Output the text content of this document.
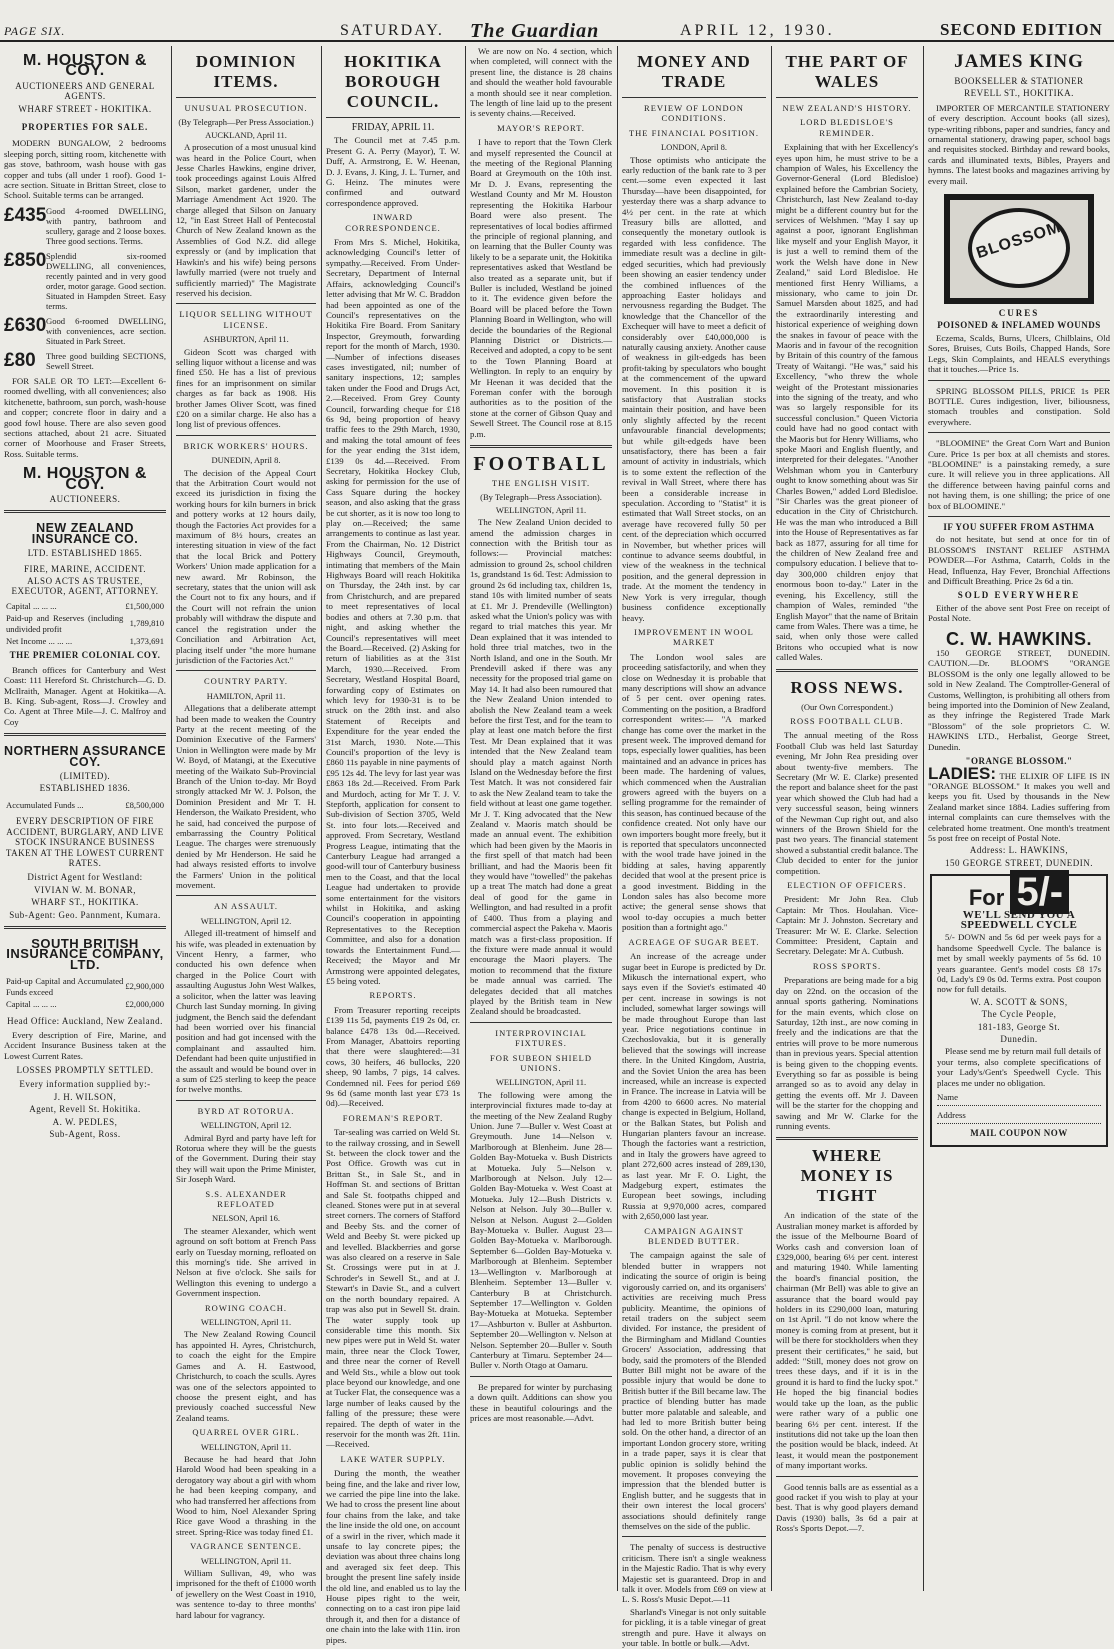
PAGE SIX.	SATURDAY. The Guardian	APRIL 12, 1930.	SECOND EDITION
M. HOUSTON & COY.
AUCTIONEERS AND GENERAL AGENTS.
WHARF STREET - HOKITIKA.
PROPERTIES FOR SALE.
MODERN BUNGALOW, 2 bedrooms sleeping porch, sitting room, kitchenette with gas stove, bathroom, wash house with gas copper and tubs (all under 1 roof). Good 1-acre section. Situate in Brittan Street, close to School. Suitable terms can be arranged.
£435 Good 4-roomed DWELLING, with pantry, bathroom and scullery, garage and 2 loose boxes. Three good sections. Terms.
£850 Splendid six-roomed DWELLING, all conveniences, recently painted and in very good order, motor garage. Good section. Situated in Hampden Street. Easy terms.
£630 Good 6-roomed DWELLING, with conveniences, acre section. Situated in Park Street.
£80	Three good building SECTIONS, Sewell Street.
FOR SALE OR TO LET:—Excellent 6-roomed dwelling, with all conveniences; also kitchenette, bathroom, sun porch, wash-house and copper; concrete floor in dairy and a good fowl house. There are also seven good sections attached, about 21 acre. Situated corner of Moorhouse and Fraser Streets, Ross. Suitable terms.
M. HOUSTON & COY.
AUCTIONEERS.
NEW ZEALAND INSURANCE CO.
LTD. ESTABLISHED 1865.
FIRE, MARINE, ACCIDENT.
ALSO ACTS AS TRUSTEE, EXECUTOR, AGENT, ATTORNEY.
Capital ... ... ...	£1,500,000
Paid-up and Reserves (including undivided profit	1,789,810
Net Income ... ... ...	1,373,691
THE PREMIER COLONIAL COY.
Branch offices for Canterbury and West Coast: 111 Hereford St. Christchurch—G. D. McIlraith, Manager. Agent at Hokitika—A. B. King. Sub-agent, Ross—J. Crowley and Co. Agent at Three Mile—J. C. Malfroy and Coy
NORTHERN ASSURANCE COY.
(LIMITED).
ESTABLISHED 1836.
Accumulated Funds ...	£8,500,000
EVERY DESCRIPTION OF FIRE ACCIDENT, BURGLARY, AND LIVE STOCK INSURANCE BUSINESS TAKEN AT THE LOWEST CURRENT RATES.
District Agent for Westland:
VIVIAN W. M. BONAR,
WHARF ST., HOKITIKA.
Sub-Agent: Geo. Pannment, Kumara.
SOUTH BRITISH INSURANCE COMPANY, LTD.
Paid-up Capital and Accumulated Funds exceed	£2,900,000
Capital ... ... ...	£2,000,000
Head Office: Auckland, New Zealand.
Every description of Fire, Marine, and Accident Insurance Business taken at the Lowest Current Rates.
LOSSES PROMPTLY SETTLED.
Every information supplied by:-
J. H. WILSON,
Agent, Revell St. Hokitika.
A. W. PEDLES,
Sub-Agent, Ross.
DOMINION ITEMS.
UNUSUAL PROSECUTION.
(By Telegraph—Per Press Association.)
AUCKLAND, April 11.
A prosecution of a most unusual kind was heard in the Police Court, when Jesse Charles Hawkins, engine driver, took proceedings against Louis Alfred Silson, market gardener, under the Marriage Amendment Act 1920. The charge alleged that Silson on January 12, "in East Street Hall of Pentecostal Church of New Zealand known as the Assemblies of God N.Z. did allege expressly or (and by implication that Hawkin's and his wife) being persons lawfully married (were not truely and sufficiently married)" The Magistrate reserved his decision.
LIQUOR SELLING WITHOUT LICENSE.
ASHBURTON, April 11.
Gideon Scott was charged with selling liquor without a license and was fined £50. He has a list of previous fines for an imprisonment on similar charges as far back as 1908. His brother James Oliver Scott, was fined £20 on a similar charge. He also has a long list of previous offences.
BRICK WORKERS' HOURS.
DUNEDIN, April 8.
The decision of the Appeal Court that the Arbitration Court would not exceed its jurisdiction in fixing the working hours for kiln burners in brick and pottery works at 12 hours daily, though the Factories Act provides for a maximum of 8½ hours, creates an interesting situation in view of the fact that the local Brick and Pottery Workers' Union made application for a new award. Mr Robinson, the secretary, states that the union will ask the Court not to fix any hours, and if the Court will not refrain the union probably will withdraw the dispute and cancel the registration under the Conciliation and Arbitration Act, placing itself under "the more humane jurisdiction of the Factories Act."
COUNTRY PARTY.
HAMILTON, April 11.
Allegations that a deliberate attempt had been made to weaken the Country Party at the recent meeting of the Dominion Executive of the Farmers' Union in Wellington were made by Mr W. Boyd, of Matangi, at the Executive meeting of the Waikato Sub-Provincial Branch of the Union to-day. Mr Boyd strongly attacked Mr W. J. Polson, the Dominion President and Mr T. H. Henderson, the Waikato President, who he said, had conceived the purpose of embarrassing the Country Political League. The charges were strenuously denied by Mr Henderson. He said he had always resisted efforts to involve the Farmers' Union in the political movement.
AN ASSAULT.
WELLINGTON, April 12.
Alleged ill-treatment of himself and his wife, was pleaded in extenuation by Vincent Henry, a farmer, who conducted his own defence when charged in the Police Court with assaulting Augustus John West Walkes, a solicitor, when the latter was leaving Church last Sunday morning. In giving judgment, the Bench said the defendant had been worried over his financial position and had got incensed with the complainant and assaulted him. Defendant had been quite unjustified in the assault and would be bound over in a sum of £25 sterling to keep the peace for twelve months.
BYRD AT ROTORUA.
WELLINGTON, April 12.
Admiral Byrd and party have left for Rotorua where they will be the guests of the Government. During their stay they will wait upon the Prime Minister, Sir Joseph Ward.
S.S. ALEXANDER REFLOATED
NELSON, April 16.
The steamer Alexander, which went aground on soft bottom at French Pass early on Tuesday morning, refloated on this morning's tide. She arrived in Nelson at five o'clock. She sails for Wellington this evening to undergo a Government inspection.
ROWING COACH.
WELLINGTON, April 11.
The New Zealand Rowing Council has appointed H. Ayres, Christchurch, to coach the eight for the Empire Games and A. H. Eastwood, Christchurch, to coach the sculls. Ayres was one of the selectors appointed to choose the present eight, and has previously coached successful New Zealand teams.
QUARREL OVER GIRL.
WELLINGTON, April 11.
Because he had heard that John Harold Wood had been speaking in a derogatory way about a girl with whom he had been keeping company, and who had transferred her affections from Wood to him, Noel Alexander Spring Rice gave Wood a thrashing in the street. Spring-Rice was today fined £1.
VAGRANCE SENTENCE.
WELLINGTON, April 11.
William Sullivan, 49, who was imprisoned for the theft of £1000 worth of jewellery on the West Coast in 1910, was sentence to-day to three months' hard labour for vagrancy.
HOKITIKA BOROUGH COUNCIL.
FRIDAY, APRIL 11.
The Council met at 7.45 p.m. Present G. A. Perry (Mayor), T. W. Duff, A. Armstrong, E. W. Heenan, D. J. Evans, J. King, J. L. Turner, and G. Heinz. The minutes were confirmed and outward correspondence approved.
INWARD CORRESPONDENCE.
From Mrs S. Michel, Hokitika, acknowledging Council's letter of sympathy.—Received. From Under-Secretary, Department of Internal Affairs, acknowledging Council's letter advising that Mr W. C. Braddon had been appointed as one of the Council's representatives on the Hokitika Fire Board. From Sanitary Inspector, Greymouth, forwarding report for the month of March, 1930.—Number of infections diseases cases investigated, nil; number of sanitary inspections, 12; samples taken under the Food and Drugs Act, 2.—Received. From Grey County Council, forwarding cheque for £18 6s 9d, being proportion of heavy traffic fees to the 29th March, 1930, and making the total amount of fees for the year ending the 31st idem, £139 0s 4d.—Received. From Secretary, Hokitika Hockey Club, asking for permission for the use of Cass Square during the hockey season, and also asking that the grass be cut shorter, as it is now too long to play on.—Received; the same arrangements to continue as last year. From the Chairman, No. 12 District Highways Council, Greymouth, intimating that members of the Main Highways Board will reach Hokitika on Thursday, the 24th inst. by car from Christchurch, and are prepared to meet representatives of local bodies and others at 7.30 p.m. that night, and asking whether the Council's representatives will meet the Board.—Received. (2) Asking for return of liabilities as at the 31st March, 1930.—Received. From Secretary, Westland Hospital Board, forwarding copy of Estimates on which levy for 1930-31 is to be struck on the 28th inst. and also Statement of Receipts and Expenditure for the year ended the 31st March, 1930. Note.—This Council's proportion of the levy is £860 11s payable in nine payments of £95 12s 4d. The levy for last year was £863 18s 2d.—Received. From Park and Murdoch, acting for Mr T. J. V. Stepforth, application for consent to Sub-division of Section 3705, Weld St. into four lots.—Received and approved. From Secretary, Westland Progress League, intimating that the Canterbury League had arranged a good-will tour of Canterbury business men to the Coast, and that the local League had undertaken to provide some entertainment for the visitors whilst in Hokitika, and asking Council's cooperation in appointing Representatives to the Reception Committee, and also for a donation towards the Entertainment Fund.—Received; the Mayor and Mr Armstrong were appointed delegates, £5 being voted.
REPORTS.
From Treasurer reporting receipts £139 11s 5d, payments £19 2s 0d, cr. balance £478 13s 0d.—Received. From Manager, Abattoirs reporting that there were slaughtered:—31 cows, 30 heifers, 46 bullocks, 220 sheep, 90 lambs, 7 pigs, 14 calves. Condemned nil. Fees for period £69 9s 6d (same month last year £73 1s 0d).—Received.
FOREMAN'S REPORT.
Tar-sealing was carried on Weld St. to the railway crossing, and in Sewell St. between the clock tower and the Post Office. Growth was cut in Brittan St., in Sale St., and in Hoffman St. and sections of Brittan and Sale St. footpaths chipped and cleaned. Stones were put in at several street corners. The corners of Stafford and Beeby Sts. and the corner of Weld and Beeby St. were picked up and levelled. Blackberries and gorse was also cleared on a reserve in Sale St. Crossings were put in at J. Schroder's in Sewell St., and at J. Stewart's in Davie St., and a culvert on the north boundary repaired. A trap was also put in Sewell St. drain. The water supply took up considerable time this month. Six new pipes were put in Weld St. water main, three near the Clock Tower, and three near the corner of Revell and Weld Sts., while a blow out took place beyond our knowledge, and one at Tucker Flat, the consequence was a large number of leaks caused by the falling of the pressure; these were repaired. The depth of water in the reservoir for the month was 2ft. 11in.—Received.
LAKE WATER SUPPLY.
During the month, the weather being fine, and the lake and river low, we carried the pipe line into the lake. We had to cross the present line about four chains from the lake, and take the line inside the old one, on account of a swirl in the river, which made it unsafe to lay concrete pipes; the deviation was about three chains long and averaged six feet deep. This brought the present line safely inside the old line, and enabled us to lay the House pipes right to the weir, connecting on to a cast iron pipe laid through it, and then for a distance of one chain into the lake with 11in. iron pipes.
We are now on No. 4 section, which when completed, will connect with the present line, the distance is 28 chains and should the weather hold favourable a month should see it near completion. The length of line laid up to the present is seventy chains.—Received.
MAYOR'S REPORT.
I have to report that the Town Clerk and myself represented the Council at the meeting of the Regional Planning Board at Greymouth on the 10th inst. Mr D. J. Evans, representing the Westland County and Mr M. Houston representing the Hokitika Harbour Board were also present. The representatives of local bodies affirmed the principle of regional planning, and on learning that the Buller County was likely to be a separate unit, the Hokitika representatives asked that Westland be also treated as a separate unit, but if Buller is included, Westland be joined to it. The evidence given before the Board will be placed before the Town Planning Board in Wellington, who will decide the boundaries of the Regional Planning District or Districts.—Received and adopted, a copy to be sent to the Town Planning Board at Wellington. In reply to an enquiry by Mr Heenan it was decided that the Foreman confer with the borough authorities as to the position of the stone at the corner of Gibson Quay and Sewell Street. The Council rose at 8.15 p.m.
FOOTBALL
THE ENGLISH VISIT.
(By Telegraph—Press Association).
WELLINGTON, April 11.
The New Zealand Union decided to amend the admission charges in connection with the British tour as follows:— Provincial matches: admission to ground 2s, school children 1s, grandstand 1s 6d. Test: Admission to ground 2s 6d including tax, children 1s, stand 10s with limited number of seats at £1. Mr J. Prendeville (Wellington) asked what the Union's policy was with regard to trial matches this year. Mr Dean explained that it was intended to hold three trial matches, two in the North Island, and one in the South. Mr Prendevill asked if there was any necessity for the proposed trial game on May 14. It had also been rumoured that the New Zealand Union intended to abolish the New Zealand team a week before the first Test, and for the team to play at least one match before the first Test. Mr Dean explained that it was intended that the New Zealand team should play a match against North Island on the Wednesday before the first Test Match. It was not considered fair to ask the New Zealand team to take the field without at least one game together. Mr J. T. King advocated that the New Zealand v. Maoris match should be made an annual event. The exhibition which had been given by the Maoris in the first spell of that match had been brilliant, and had the Maoris been fit they would have "towelled" the pakehas up a treat The match had done a great deal of good for the game in Wellington, and had resulted in a profit of £400. Thus from a playing and commercial aspect the Pakeha v. Maoris match was a first-class proposition. If the fixture were made annual it would encourage the Maori players. The motion to recommend that the fixture be made annual was carried. The delegates decided that all matches played by the British team in New Zealand should be broadcasted.
INTERPROVINCIAL FIXTURES.
FOR SUBEON SHIELD UNIONS.
WELLINGTON, April 11.
The following were among the interprovincial fixtures made to-day at the meeting of the New Zealand Rugby Union. June 7—Buller v. West Coast at Greymouth. June 14—Nelson v. Marlborough at Blenheim. June 28—Golden Bay-Motueka v. Bush Districts at Motueka. July 5—Nelson v. Marlborough at Nelson. July 12—Golden Bay-Motueka v. West Coast at Motueka. July 12—Bush Districts v. Nelson at Nelson. July 30—Buller v. Nelson at Nelson. August 2—Golden Bay-Motueka v. Buller. August 23—Golden Bay-Motueka v. Marlborough. September 6—Golden Bay-Motueka v. Marlborough at Blenheim. September 13—Wellington v. Marlborough at Blenheim. September 13—Buller v. Canterbury B at Christchurch. September 17—Wellington v. Golden Bay-Motueka at Motueka. September 17—Ashburton v. Buller at Ashburton. September 20—Wellington v. Nelson at Nelson. September 20—Buller v. South Canterbury at Timaru. September 24—Buller v. North Otago at Oamaru.
Be prepared for winter by purchasing a down quilt. Additions can show you these in beautiful colourings and the prices are most reasonable.—Advt.
MONEY AND TRADE
REVIEW OF LONDON CONDITIONS.
THE FINANCIAL POSITION.
LONDON, April 8.
Those optimists who anticipate the early reduction of the bank rate to 3 per cent.—some even expected it last Thursday—have been disappointed, for yesterday there was a sharp advance to 4½ per cent. in the rate at which Treasury bills are allotted, and consequently the monetary outlook is regarded with less confidence. The immediate result was a decline in gilt-edged securities, which had previously been showing an easier tendency under the combined influences of the approaching Easter holidays and nervousness regarding the Budget. The knowledge that the Chancellor of the Exchequer will have to meet a deficit of considerably over £40,000,000 is naturally causing anxiety. Another cause of weakness in gilt-edgeds has been profit-taking by speculators who bought at the commencement of the upward movement. In this position it is satisfactory that Australian stocks maintain their position, and have been only slightly affected by the recent unfavourable financial developments; but while gilt-edgeds have been unsatisfactory, there has been a fair amount of activity in industrials, which is to some extent the reflection of the revival in Wall Street, where there has been a considerable increase in speculation. According to "Statist" it is estimated that Wall Street stocks, on an average have recovered fully 50 per cent. of the depreciation which occurred in November, but whether prices will continue to advance seems doubtful, in view of the weakness in the technical position, and the general depression in trade. At the moment the tendency in New York is very irregular, though business confidence exceptionally heavy.
IMPROVEMENT IN WOOL MARKET
The London wool sales are proceeding satisfactorily, and when they close on Wednesday it is probable that many descriptions will show an advance of 5 per cent. over opening rates. Commenting on the position, a Bradford correspondent writes:— "A marked change has come over the market in the present week. The improved demand for tops, especially lower qualities, has been maintained and an advance in prices has been made. The hardening of values, which commenced when the Australian growers agreed with the buyers on a selling programme for the remainder of this season, has continued because of the confidence created. Not only have our own importers bought more freely, but it is reported that speculators unconnected with the wool trade have joined in the bidding at sales, having apparently decided that wool at the present price is a good investment. Bidding in the London sales has also become more active; the general sense shows that wool to-day occupies a much better position than a fortnight ago."
ACREAGE OF SUGAR BEET.
An increase of the acreage under sugar beet in Europe is predicted by Dr. Mikusch the international expert, who says even if the Soviet's estimated 40 per cent. increase in sowings is not included, somewhat larger sowings will be made throughout Europe than last year. Price negotiations continue in Czechoslovakia, but it is generally believed that the sowings will increase there. In the United Kingdom, Austria, and the Soviet Union the area has been increased, while an increase is expected in France. The increase in Latvia will be from 4200 to 6600 acres. No material change is expected in Belgium, Holland, or the Balkan States, but Polish and Hungarian planters favour an increase. Though the factories want a restriction, and in Italy the growers have agreed to plant 272,600 acres instead of 289,130, as last year. Mr F. O. Light, the Madgeburg expert, estimates the European beet sowings, including Russia at 9,970,000 acres, compared with 2,650,000 last year.
CAMPAIGN AGAINST BLENDED BUTTER.
The campaign against the sale of blended butter in wrappers not indicating the source of origin is being vigorously carried on, and its organisers' activities are receiving much Press publicity. Meantime, the opinions of retail traders on the subject seem divided. For instance, the president of the Birmingham and Midland Counties Grocers' Association, addressing that body, said the promoters of the Blended Butter Bill might not be aware of the possible injury that would be done to British butter if the Bill became law. The practice of blending butter has made butter more palatable and saleable, and had led to more British butter being sold. On the other hand, a director of an important London grocery store, writing in a trade paper, says it is clear that public opinion is solidly behind the movement. It proposes conveying the impression that the blended butter is English butter, and he suggests that in their own interest the local grocers' associations should definitely range themselves on the side of the public.
The penalty of success is destructive criticism. There isn't a single weakness in the Majestic Radio. That is why every Majestic set is guaranteed. Drop in and talk it over. Models from £69 on view at L. S. Ross's Music Depot.—11
Sharland's Vinegar is not only suitable for pickling, it is a table vinegar of great strength and pure. Have it always on your table. In bottle or bulk.—Advt.
THE PART OF WALES
NEW ZEALAND'S HISTORY.
LORD BLEDISLOE'S REMINDER.
Explaining that with her Excellency's eyes upon him, he must strive to be a champion of Wales, his Excellency the Governor-General (Lord Bledisloe) explained before the Cambrian Society, Christchurch, last New Zealand to-day might be a different country but for the services of Welshmen. "May I say up against a poor, ignorant Englishman like myself and your English Mayor, it is just a well to remind them of the work the Welsh have done in New Zealand," said Lord Bledisloe. He mentioned first Henry Williams, a missionary, who came to join Dr. Samuel Marsden about 1825, and had the extraordinarily interesting and historical experience of weighing down the snakes in favour of peace with the Maoris and in favour of the recognition by Britain of this country of the famous Treaty of Waitangi. "He was," said his Excellency, "who threw the whole weight of the Protestant missionaries into the signing of the treaty, and who was so largely responsible for its successful conclusion." Queen Victoria could have had no good contact with the Maoris but for Henry Williams, who spoke Maori and English fluently, and interpreted for their delegates. "Another Welshman whom you in Canterbury ought to know something about was Sir Charles Bowen," added Lord Bledisloe. "Sir Charles was the great pioneer of education in the City of Christchurch. He was the man who introduced a Bill into the House of Representatives as far back as 1877, assuring for all time for the children of New Zealand free and compulsory education. I believe that to-day 300,000 children enjoy that enormous boon to-day." Later in the evening, his Excellency, still the champion of Wales, reminded "the English Mayor" that the name of Britain came from Wales. There was a time, he said, when only those were called Britons who occupied what is now called Wales.
ROSS NEWS.
(Our Own Correspondent.)
ROSS FOOTBALL CLUB.
The annual meeting of the Ross Football Club was held last Saturday evening, Mr John Rea presiding over about twenty-five members. The Secretary (Mr W. E. Clarke) presented the report and balance sheet for the past year which showed the Club had had a very successful season, being winners of the Newman Cup right out, and also winners of the Brown Shield for the past two years. The financial statement showed a substantial credit balance. The Club decided to enter for the junior competition.
ELECTION OF OFFICERS.
President: Mr John Rea. Club Captain: Mr Thos. Houlahan. Vice-Captain: Mr J. Johnston. Secretary and Treasurer: Mr W. E. Clarke. Selection Committee: President, Captain and Secretary. Delegate: Mr A. Cutbush.
ROSS SPORTS.
Preparations are being made for a big day on 22nd. on the occasion of the annual sports gathering. Nominations for the main events, which close on Saturday, 12th inst., are now coming in freely and the indications are that the entries will prove to be more numerous than in previous years. Special attention is being given to the chopping events. Everything so far as possible is being arranged so as to avoid any delay in getting the events off. Mr J. Daveen will be the starter for the chopping and sawing and Mr W. Clarke for the running events.
WHERE MONEY IS TIGHT
An indication of the state of the Australian money market is afforded by the issue of the Melbourne Board of Works cash and conversion loan of £329,000, bearing 6½ per cent. interest and maturing 1940. While lamenting the board's financial position, the chairman (Mr Bell) was able to give an assurance that the board would pay holders in its £290,000 loan, maturing on 1st April. "I do not know where the money is coming from at present, but it will be there for stockholders when they present their certificates," he said, but added: "Still, money does not grow on trees these days, and if it is in the ground it is hard to find the lucky spot." He hoped the big financial bodies would take up the loan, as the public were rather wary of a public one bearing 6½ per cent. interest. If the institutions did not take up the loan then the position would be black, indeed. At least, it would mean the postponement of many important works.
Good tennis balls are as essential as a good racket if you wish to play at your best. That is why good players demand Davis (1930) balls, 3s 6d a pair at Ross's Sports Depot.—7.
JAMES KING
BOOKSELLER & STATIONER
REVELL ST., HOKITIKA.
IMPORTER OF MERCANTILE STATIONERY of every description. Account books (all sizes), type-writing ribbons, paper and sundries, fancy and ornamental stationery, drawing paper, school bags and requisites stocked. Birthday and reward books, cards and illuminated texts, Bibles, Prayers and hymns. The latest books and magazines arriving by every mail.
BLOSSOM
CURES
POISONED & INFLAMED WOUNDS
Eczema, Scalds, Burns, Ulcers, Chilblains, Old Sores, Bruises, Cuts Boils, Chapped Hands, Sore Legs, Skin Complaints, and HEALS everythings that it touches.—Price 1s.
SPRING BLOSSOM PILLS, PRICE 1s PER BOTTLE. Cures indigestion, liver, biliousness, stomach troubles and constipation. Sold everywhere.
"BLOOMINE" the Great Corn Wart and Bunion Cure. Price 1s per box at all chemists and stores. "BLOOMINE" is a painstaking remedy, a sure cure. It will relieve you in three applications. All the difference between having painful corns and not having them, is one shilling; the price of one box of BLOOMINE."
IF YOU SUFFER FROM ASTHMA
do not hesitate, but send at once for tin of BLOSSOM'S INSTANT RELIEF ASTHMA POWDER—For Asthma, Catarrh, Colds in the Head, Influenza, Hay Fever, Bronchial Affections and Difficult Breathing. Price 2s 6d a tin.
SOLD EVERYWHERE
Either of the above sent Post Free on receipt of Postal Note.
C. W. HAWKINS.
150 GEORGE STREET, DUNEDIN. CAUTION.—Dr. BLOOM'S "ORANGE BLOSSOM is the only one legally allowed to be sold in New Zealand. The Comptroller-General of Customs, Wellington, is prohibiting all others from being imported into the Dominion of New Zealand, as they infringe the Registered Trade Mark "Blossom" of the sole proprietors C. W. HAWKINS LTD., Herbalist, George Street, Dunedin.
"ORANGE BLOSSOM."
LADIES: THE ELIXIR OF LIFE IS IN "ORANGE BLOSSOM." It makes you well and keeps you fit. Used by thousands in the New Zealand market since 1884. Ladies suffering from internal complaints can cure themselves with the celebrated home treatment. One month's treatment 5s post free on receipt of Postal Note.
Address: L. HAWKINS,
150 GEORGE STREET, DUNEDIN.
For 5/-
WE'LL SEND YOU A SPEEDWELL CYCLE
5/- DOWN and 5s 6d per week pays for a handsome Speedwell Cycle. The balance is met by small weekly payments of 5s 6d. 10 years guarantee. Gent's model costs £8 17s 0d, Lady's £9 0s 0d. Terms extra. Post coupon now for full details.
W. A. SCOTT & SONS,
The Cycle People,
181-183, George St.
Dunedin.
Please send me by return mail full details of your terms, also complete specifications of your Lady's/Gent's Speedwell Cycle. This places me under no obligation.
Name
Address
MAIL COUPON NOW
